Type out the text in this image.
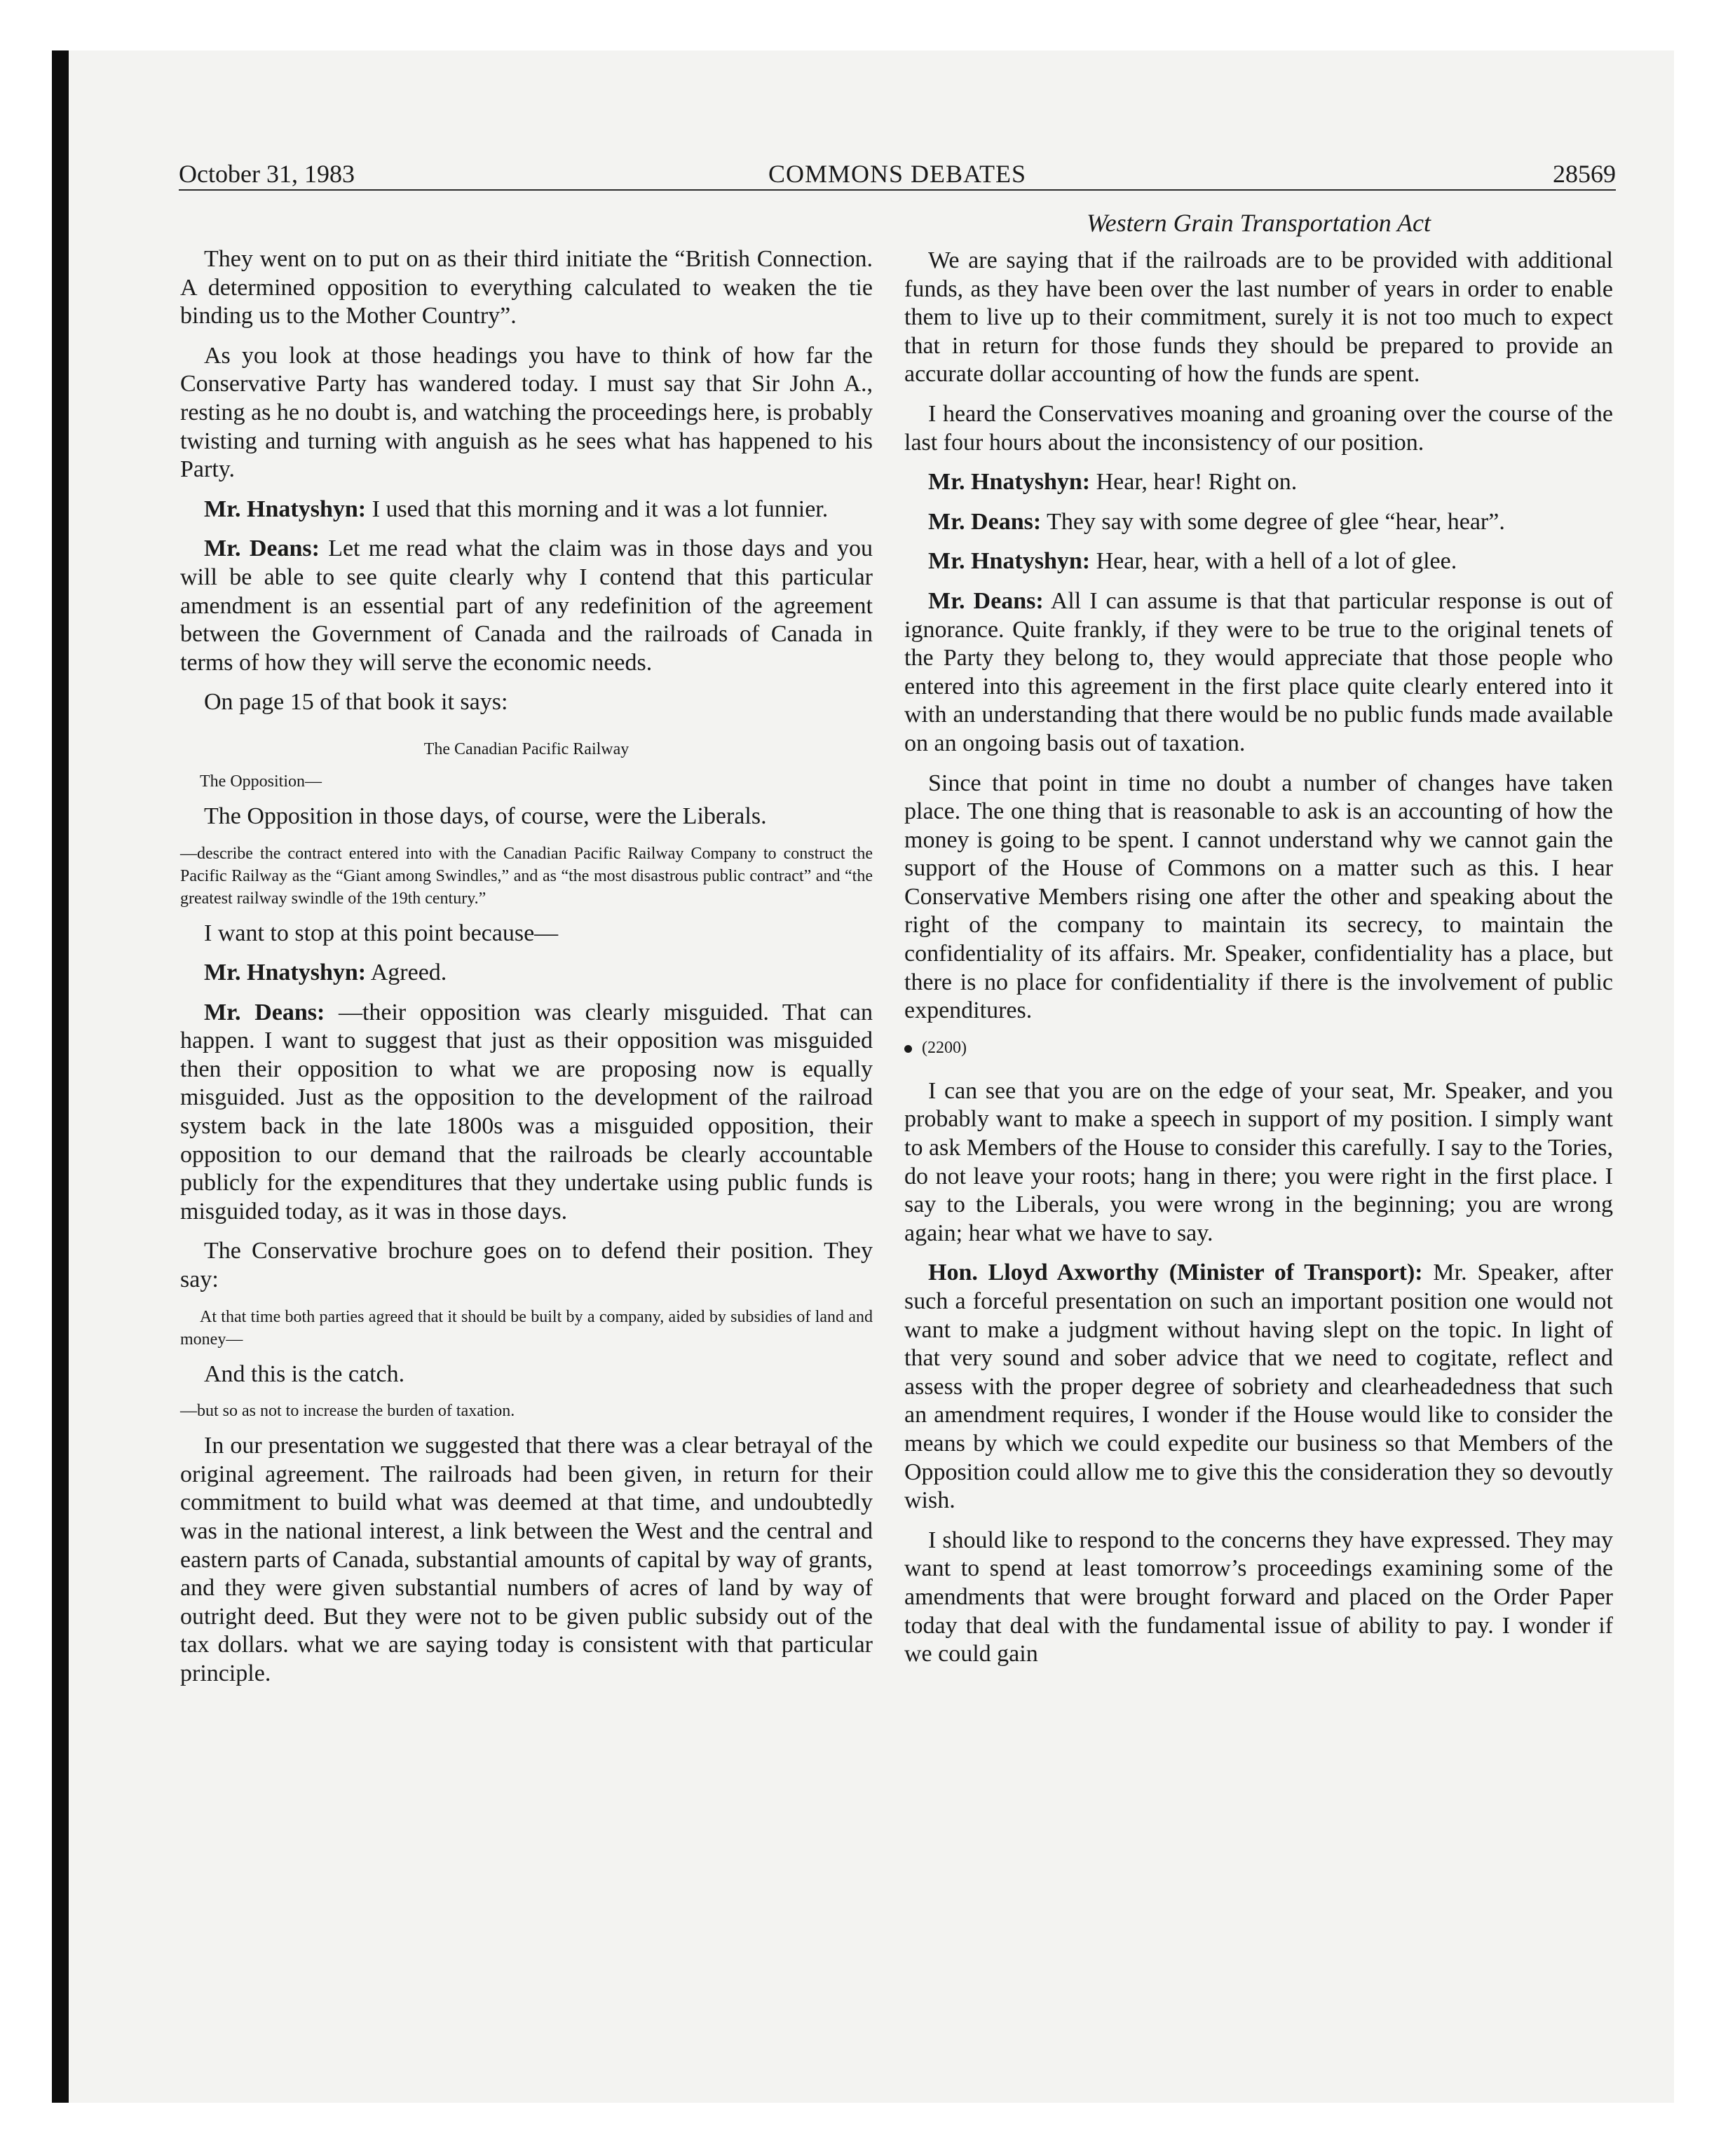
October 31, 1983	COMMONS DEBATES	28569

They went on to put on as their third initiate the “British Connection. A determined opposition to everything calculated to weaken the tie binding us to the Mother Country”.

As you look at those headings you have to think of how far the Conservative Party has wandered today. I must say that Sir John A., resting as he no doubt is, and watching the proceedings here, is probably twisting and turning with anguish as he sees what has happened to his Party.

Mr. Hnatyshyn: I used that this morning and it was a lot funnier.

Mr. Deans: Let me read what the claim was in those days and you will be able to see quite clearly why I contend that this particular amendment is an essential part of any redefinition of the agreement between the Government of Canada and the railroads of Canada in terms of how they will serve the economic needs.

On page 15 of that book it says:

The Canadian Pacific Railway
The Opposition—

The Opposition in those days, of course, were the Liberals.

—describe the contract entered into with the Canadian Pacific Railway Company to construct the Pacific Railway as the “Giant among Swindles,” and as “the most disastrous public contract” and “the greatest railway swindle of the 19th century.”

I want to stop at this point because—

Mr. Hnatyshyn: Agreed.

Mr. Deans: —their opposition was clearly misguided. That can happen. I want to suggest that just as their opposition was misguided then their opposition to what we are proposing now is equally misguided. Just as the opposition to the development of the railroad system back in the late 1800s was a misguided opposition, their opposition to our demand that the railroads be clearly accountable publicly for the expenditures that they undertake using public funds is misguided today, as it was in those days.

The Conservative brochure goes on to defend their position. They say:

At that time both parties agreed that it should be built by a company, aided by subsidies of land and money—

And this is the catch.

—but so as not to increase the burden of taxation.

In our presentation we suggested that there was a clear betrayal of the original agreement. The railroads had been given, in return for their commitment to build what was deemed at that time, and undoubtedly was in the national interest, a link between the West and the central and eastern parts of Canada, substantial amounts of capital by way of grants, and they were given substantial numbers of acres of land by way of outright deed. But they were not to be given public subsidy out of the tax dollars. what we are saying today is consistent with that particular principle.

Western Grain Transportation Act

We are saying that if the railroads are to be provided with additional funds, as they have been over the last number of years in order to enable them to live up to their commitment, surely it is not too much to expect that in return for those funds they should be prepared to provide an accurate dollar accounting of how the funds are spent.

I heard the Conservatives moaning and groaning over the course of the last four hours about the inconsistency of our position.

Mr. Hnatyshyn: Hear, hear! Right on.

Mr. Deans: They say with some degree of glee “hear, hear”.

Mr. Hnatyshyn: Hear, hear, with a hell of a lot of glee.

Mr. Deans: All I can assume is that that particular response is out of ignorance. Quite frankly, if they were to be true to the original tenets of the Party they belong to, they would appreciate that those people who entered into this agreement in the first place quite clearly entered into it with an understanding that there would be no public funds made available on an ongoing basis out of taxation.

Since that point in time no doubt a number of changes have taken place. The one thing that is reasonable to ask is an accounting of how the money is going to be spent. I cannot understand why we cannot gain the support of the House of Commons on a matter such as this. I hear Conservative Members rising one after the other and speaking about the right of the company to maintain its secrecy, to maintain the confidentiality of its affairs. Mr. Speaker, confidentiality has a place, but there is no place for confidentiality if there is the involvement of public expenditures.

(2200)

I can see that you are on the edge of your seat, Mr. Speaker, and you probably want to make a speech in support of my position. I simply want to ask Members of the House to consider this carefully. I say to the Tories, do not leave your roots; hang in there; you were right in the first place. I say to the Liberals, you were wrong in the beginning; you are wrong again; hear what we have to say.

Hon. Lloyd Axworthy (Minister of Transport): Mr. Speaker, after such a forceful presentation on such an important position one would not want to make a judgment without having slept on the topic. In light of that very sound and sober advice that we need to cogitate, reflect and assess with the proper degree of sobriety and clearheadedness that such an amendment requires, I wonder if the House would like to consider the means by which we could expedite our business so that Members of the Opposition could allow me to give this the consideration they so devoutly wish.

I should like to respond to the concerns they have expressed. They may want to spend at least tomorrow’s proceedings examining some of the amendments that were brought forward and placed on the Order Paper today that deal with the fundamental issue of ability to pay. I wonder if we could gain
